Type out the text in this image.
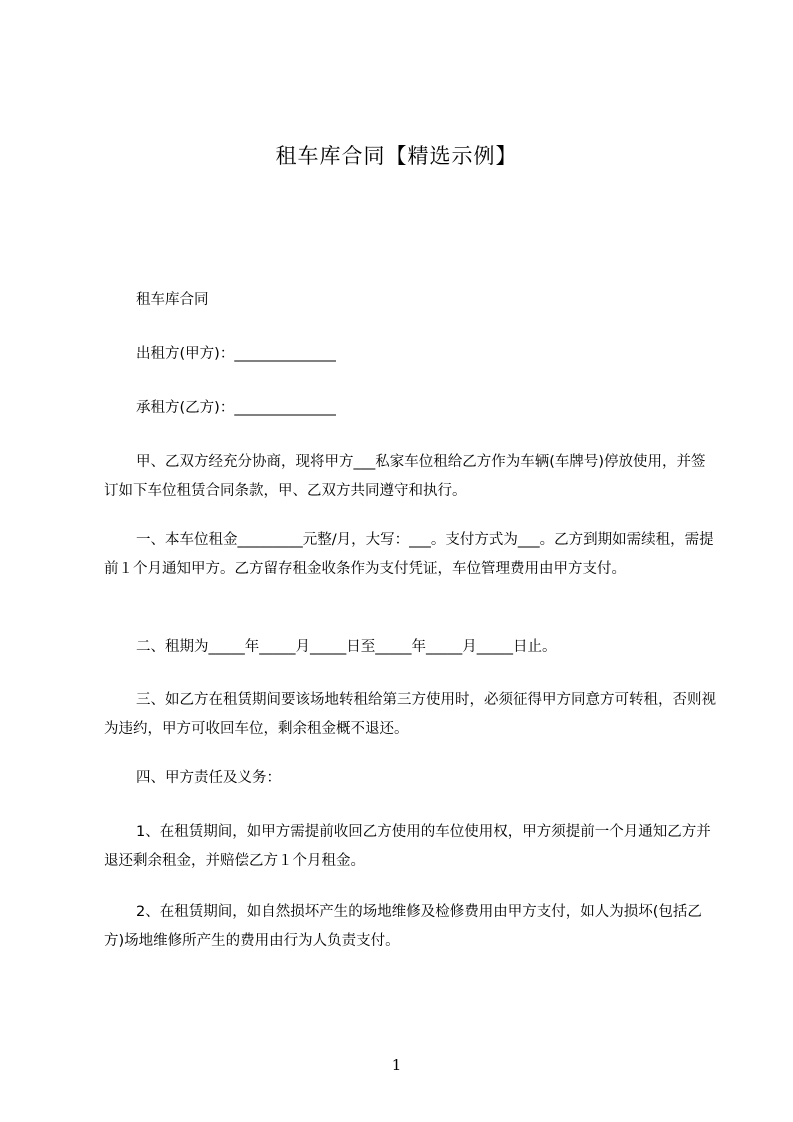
租车库合同【精选示例】
租车库合同
出租方(甲方)：______________
承租方(乙方)：______________
甲、乙双方经充分协商，现将甲方___私家车位租给乙方作为车辆(车牌号)停放使用，并签订如下车位租赁合同条款，甲、乙双方共同遵守和执行。
一、本车位租金_________元整/月，大写：___。支付方式为___。乙方到期如需续租，需提前１个月通知甲方。乙方留存租金收条作为支付凭证，车位管理费用由甲方支付。
二、租期为_____年_____月_____日至_____年_____月_____日止。
三、如乙方在租赁期间要该场地转租给第三方使用时，必须征得甲方同意方可转租，否则视为违约，甲方可收回车位，剩余租金概不退还。
四、甲方责任及义务：
1、在租赁期间，如甲方需提前收回乙方使用的车位使用权，甲方须提前一个月通知乙方并退还剩余租金，并赔偿乙方１个月租金。
2、在租赁期间，如自然损坏产生的场地维修及检修费用由甲方支付，如人为损坏(包括乙方)场地维修所产生的费用由行为人负责支付。
1
